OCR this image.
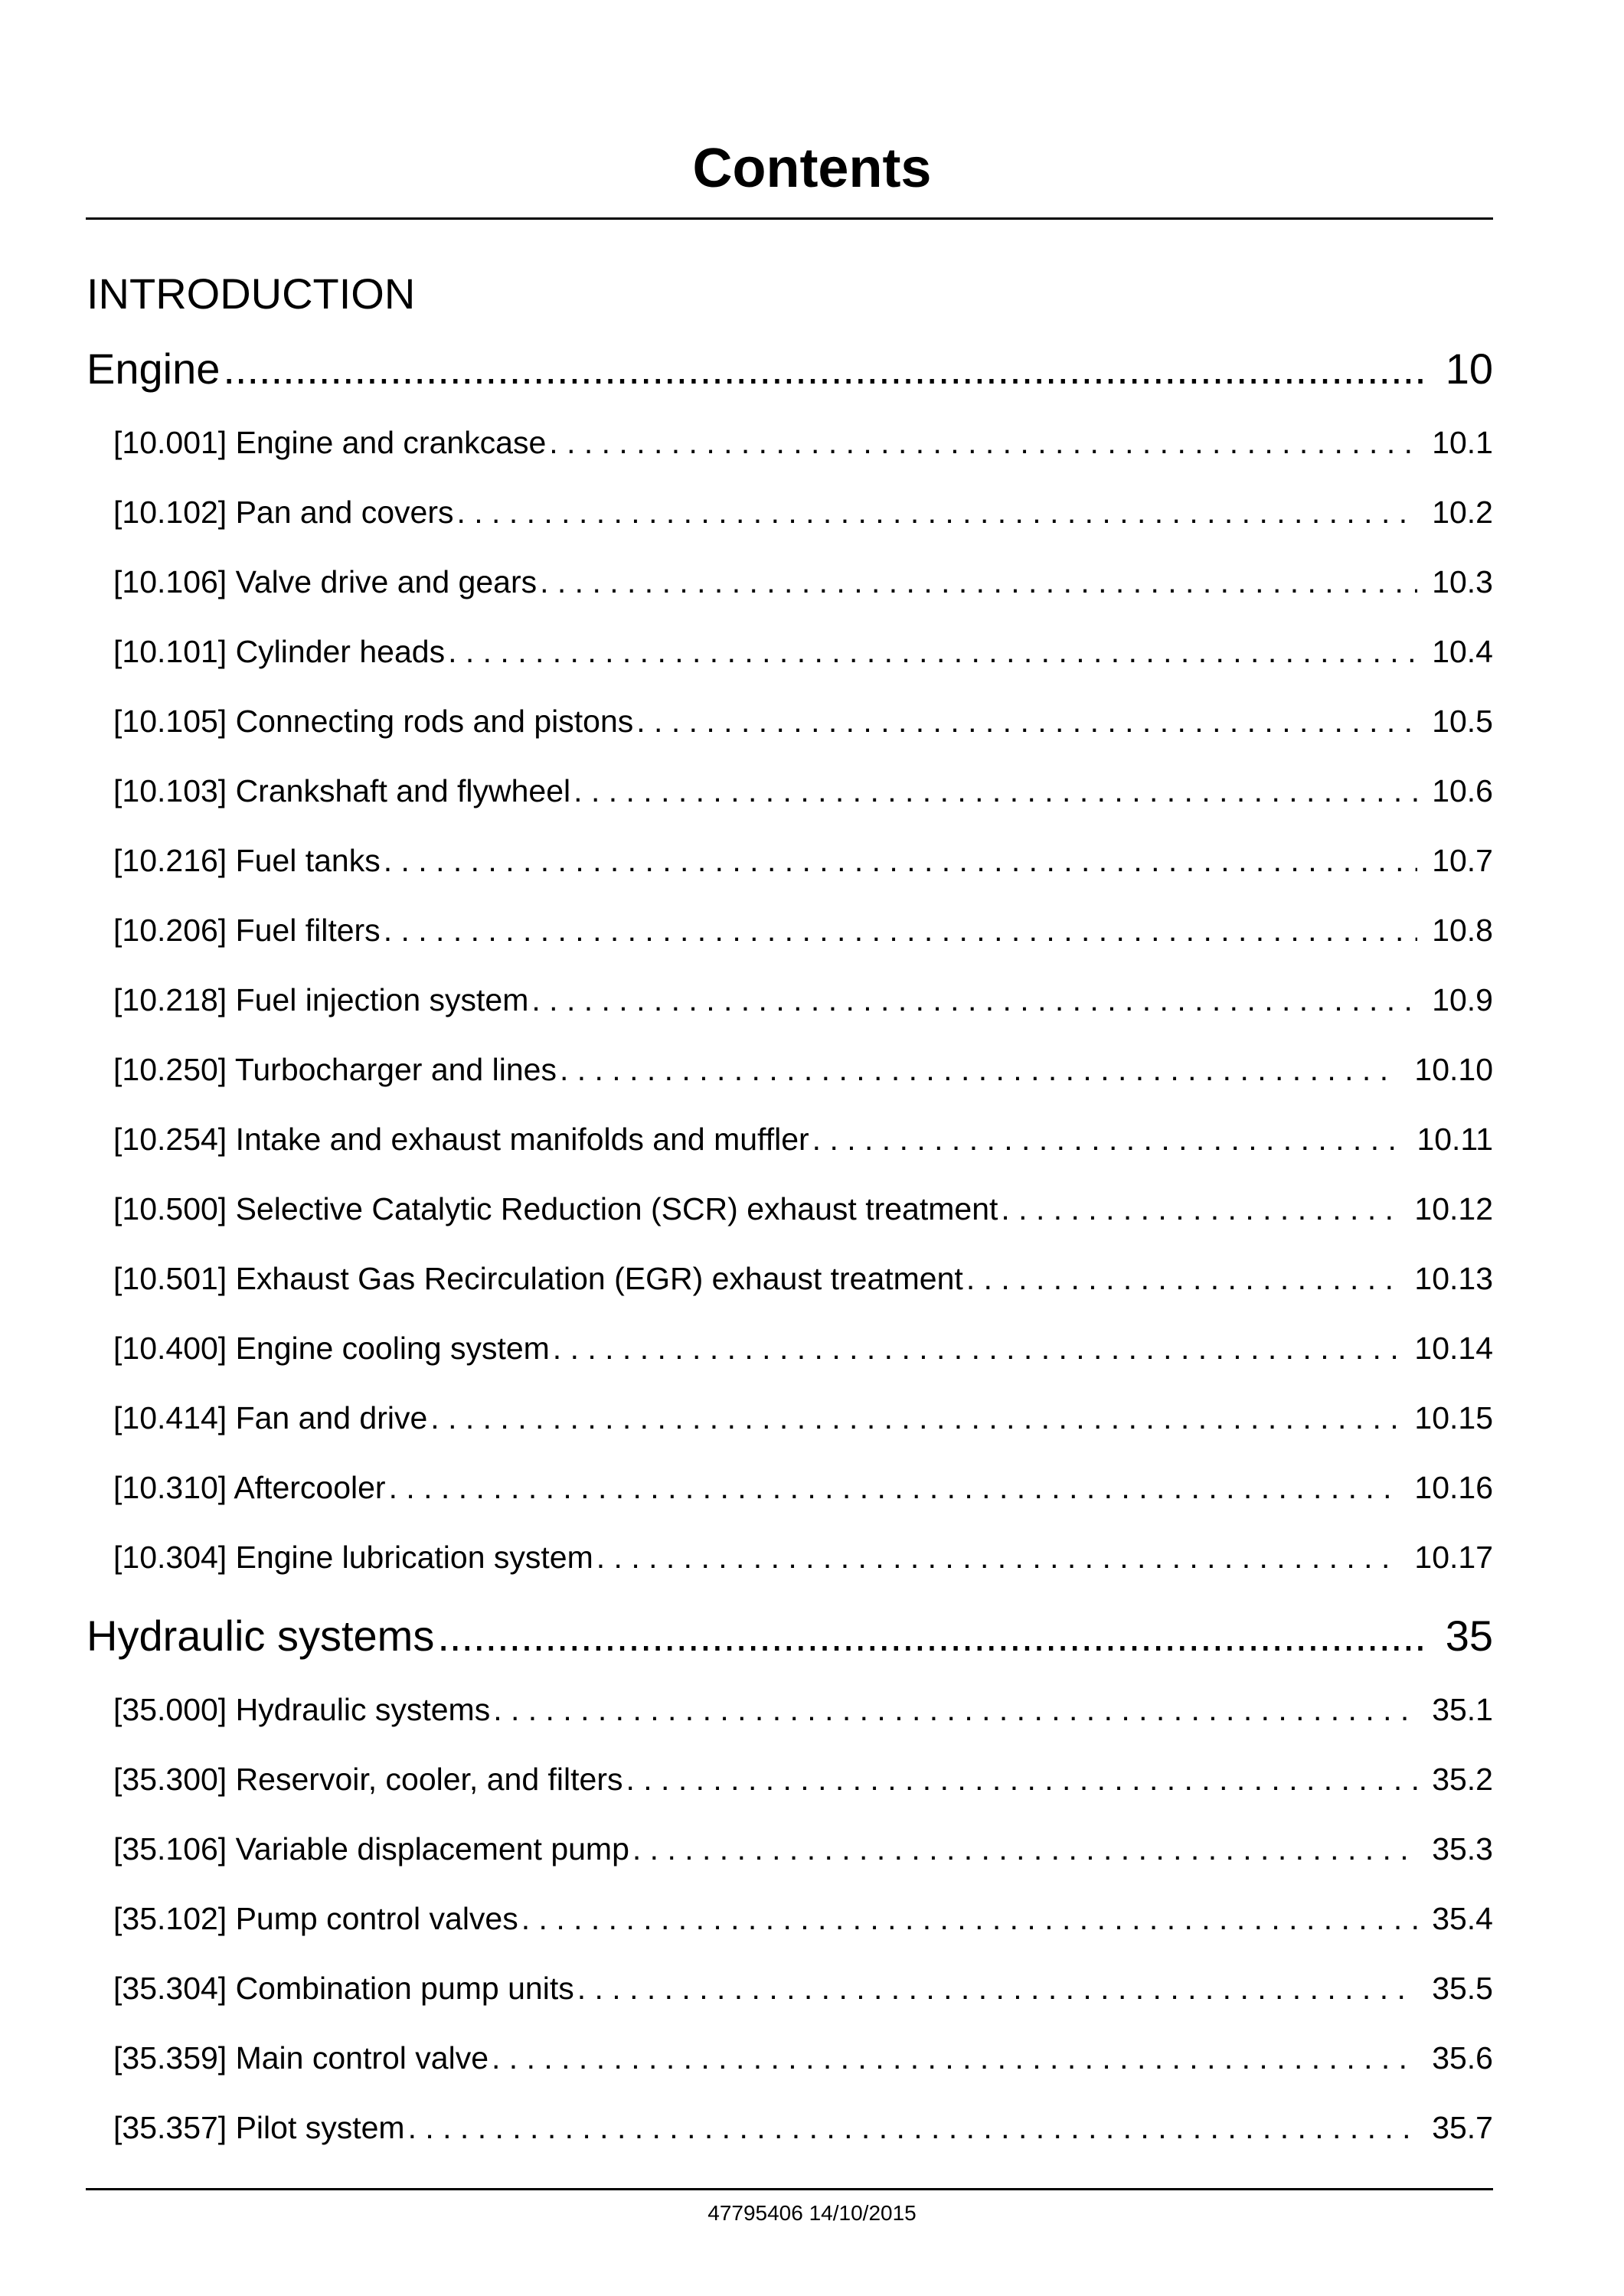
Contents
INTRODUCTION
Engine .....	10
[10.001] Engine and crankcase . . .	10.1
[10.102] Pan and covers . . .	10.2
[10.106] Valve drive and gears . . .	10.3
[10.101] Cylinder heads . . .	10.4
[10.105] Connecting rods and pistons . . .	10.5
[10.103] Crankshaft and flywheel . . .	10.6
[10.216] Fuel tanks . . .	10.7
[10.206] Fuel filters . . .	10.8
[10.218] Fuel injection system . . .	10.9
[10.250] Turbocharger and lines . . .	10.10
[10.254] Intake and exhaust manifolds and muffler . . .	10.11
[10.500] Selective Catalytic Reduction (SCR) exhaust treatment . . .	10.12
[10.501] Exhaust Gas Recirculation (EGR) exhaust treatment . . .	10.13
[10.400] Engine cooling system . . .	10.14
[10.414] Fan and drive . . .	10.15
[10.310] Aftercooler . . .	10.16
[10.304] Engine lubrication system . . .	10.17
Hydraulic systems .....	35
[35.000] Hydraulic systems . . .	35.1
[35.300] Reservoir, cooler, and filters . . .	35.2
[35.106] Variable displacement pump . . .	35.3
[35.102] Pump control valves . . .	35.4
[35.304] Combination pump units . . .	35.5
[35.359] Main control valve . . .	35.6
[35.357] Pilot system . . .	35.7
47795406 14/10/2015
